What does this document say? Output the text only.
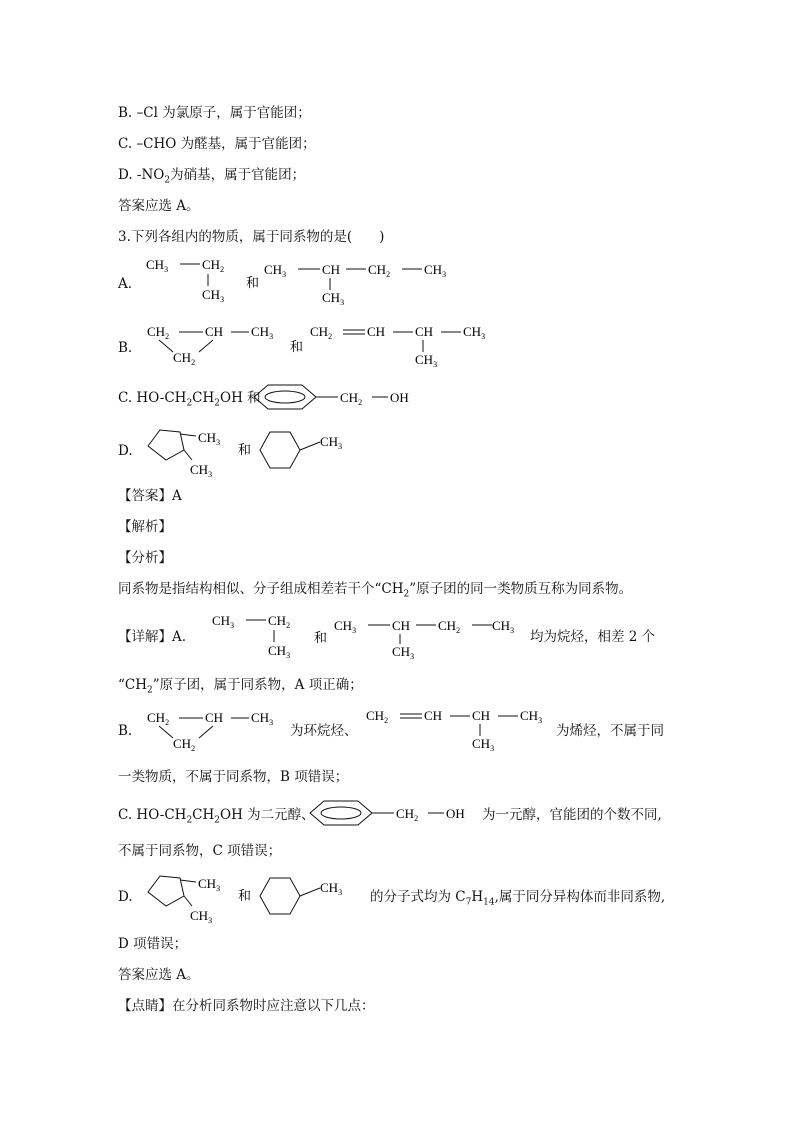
B. –Cl 为氯原子，属于官能团；
C. –CHO 为醛基，属于官能团；
D. $-NO_2$为硝基，属于官能团；
答案应选 A。
3.下列各组内的物质，属于同系物的是(　　)
A.
$CH_3$	$CH_2$
$CH_3$
和
$CH_3$	CH $CH_2$	$CH_3$
$CH_3$
B.
$CH_2$	CH $CH_3$
$CH_2$
和
$CH_2$	CH CH $CH_3$
$CH_3$
C. $HO-CH_2CH_2OH$ 和	$CH_2$ OH
D.
$CH_3$
$CH_3$
和
$CH_3$
【答案】A
【解析】
【分析】
同系物是指结构相似、分子组成相差若干个“$CH_2$”原子团的同一类物质互称为同系物。
【详解】A.
$CH_3$	$CH_2$
$CH_3$
和
$CH_3$	CH $CH_2$ $CH_3$
$CH_3$
均为烷烃，相差 2 个
“$CH_2$”原子团，属于同系物，A 项正确；
B.
$CH_2$	CH $CH_3$
$CH_2$
为环烷烃、
$CH_2$	CH CH $CH_3$
$CH_3$
为烯烃，不属于同
一类物质，不属于同系物，B 项错误；
C. $HO-CH_2CH_2OH$ 为二元醇、	$CH_2$ OH 为一元醇，官能团的个数不同,
不属于同系物，C 项错误；
D.
$CH_3$
$CH_3$
和
$CH_3$ 的分子式均为 $C_7H_{14}$,属于同分异构体而非同系物,
D 项错误；
答案应选 A。
【点睛】在分析同系物时应注意以下几点：
